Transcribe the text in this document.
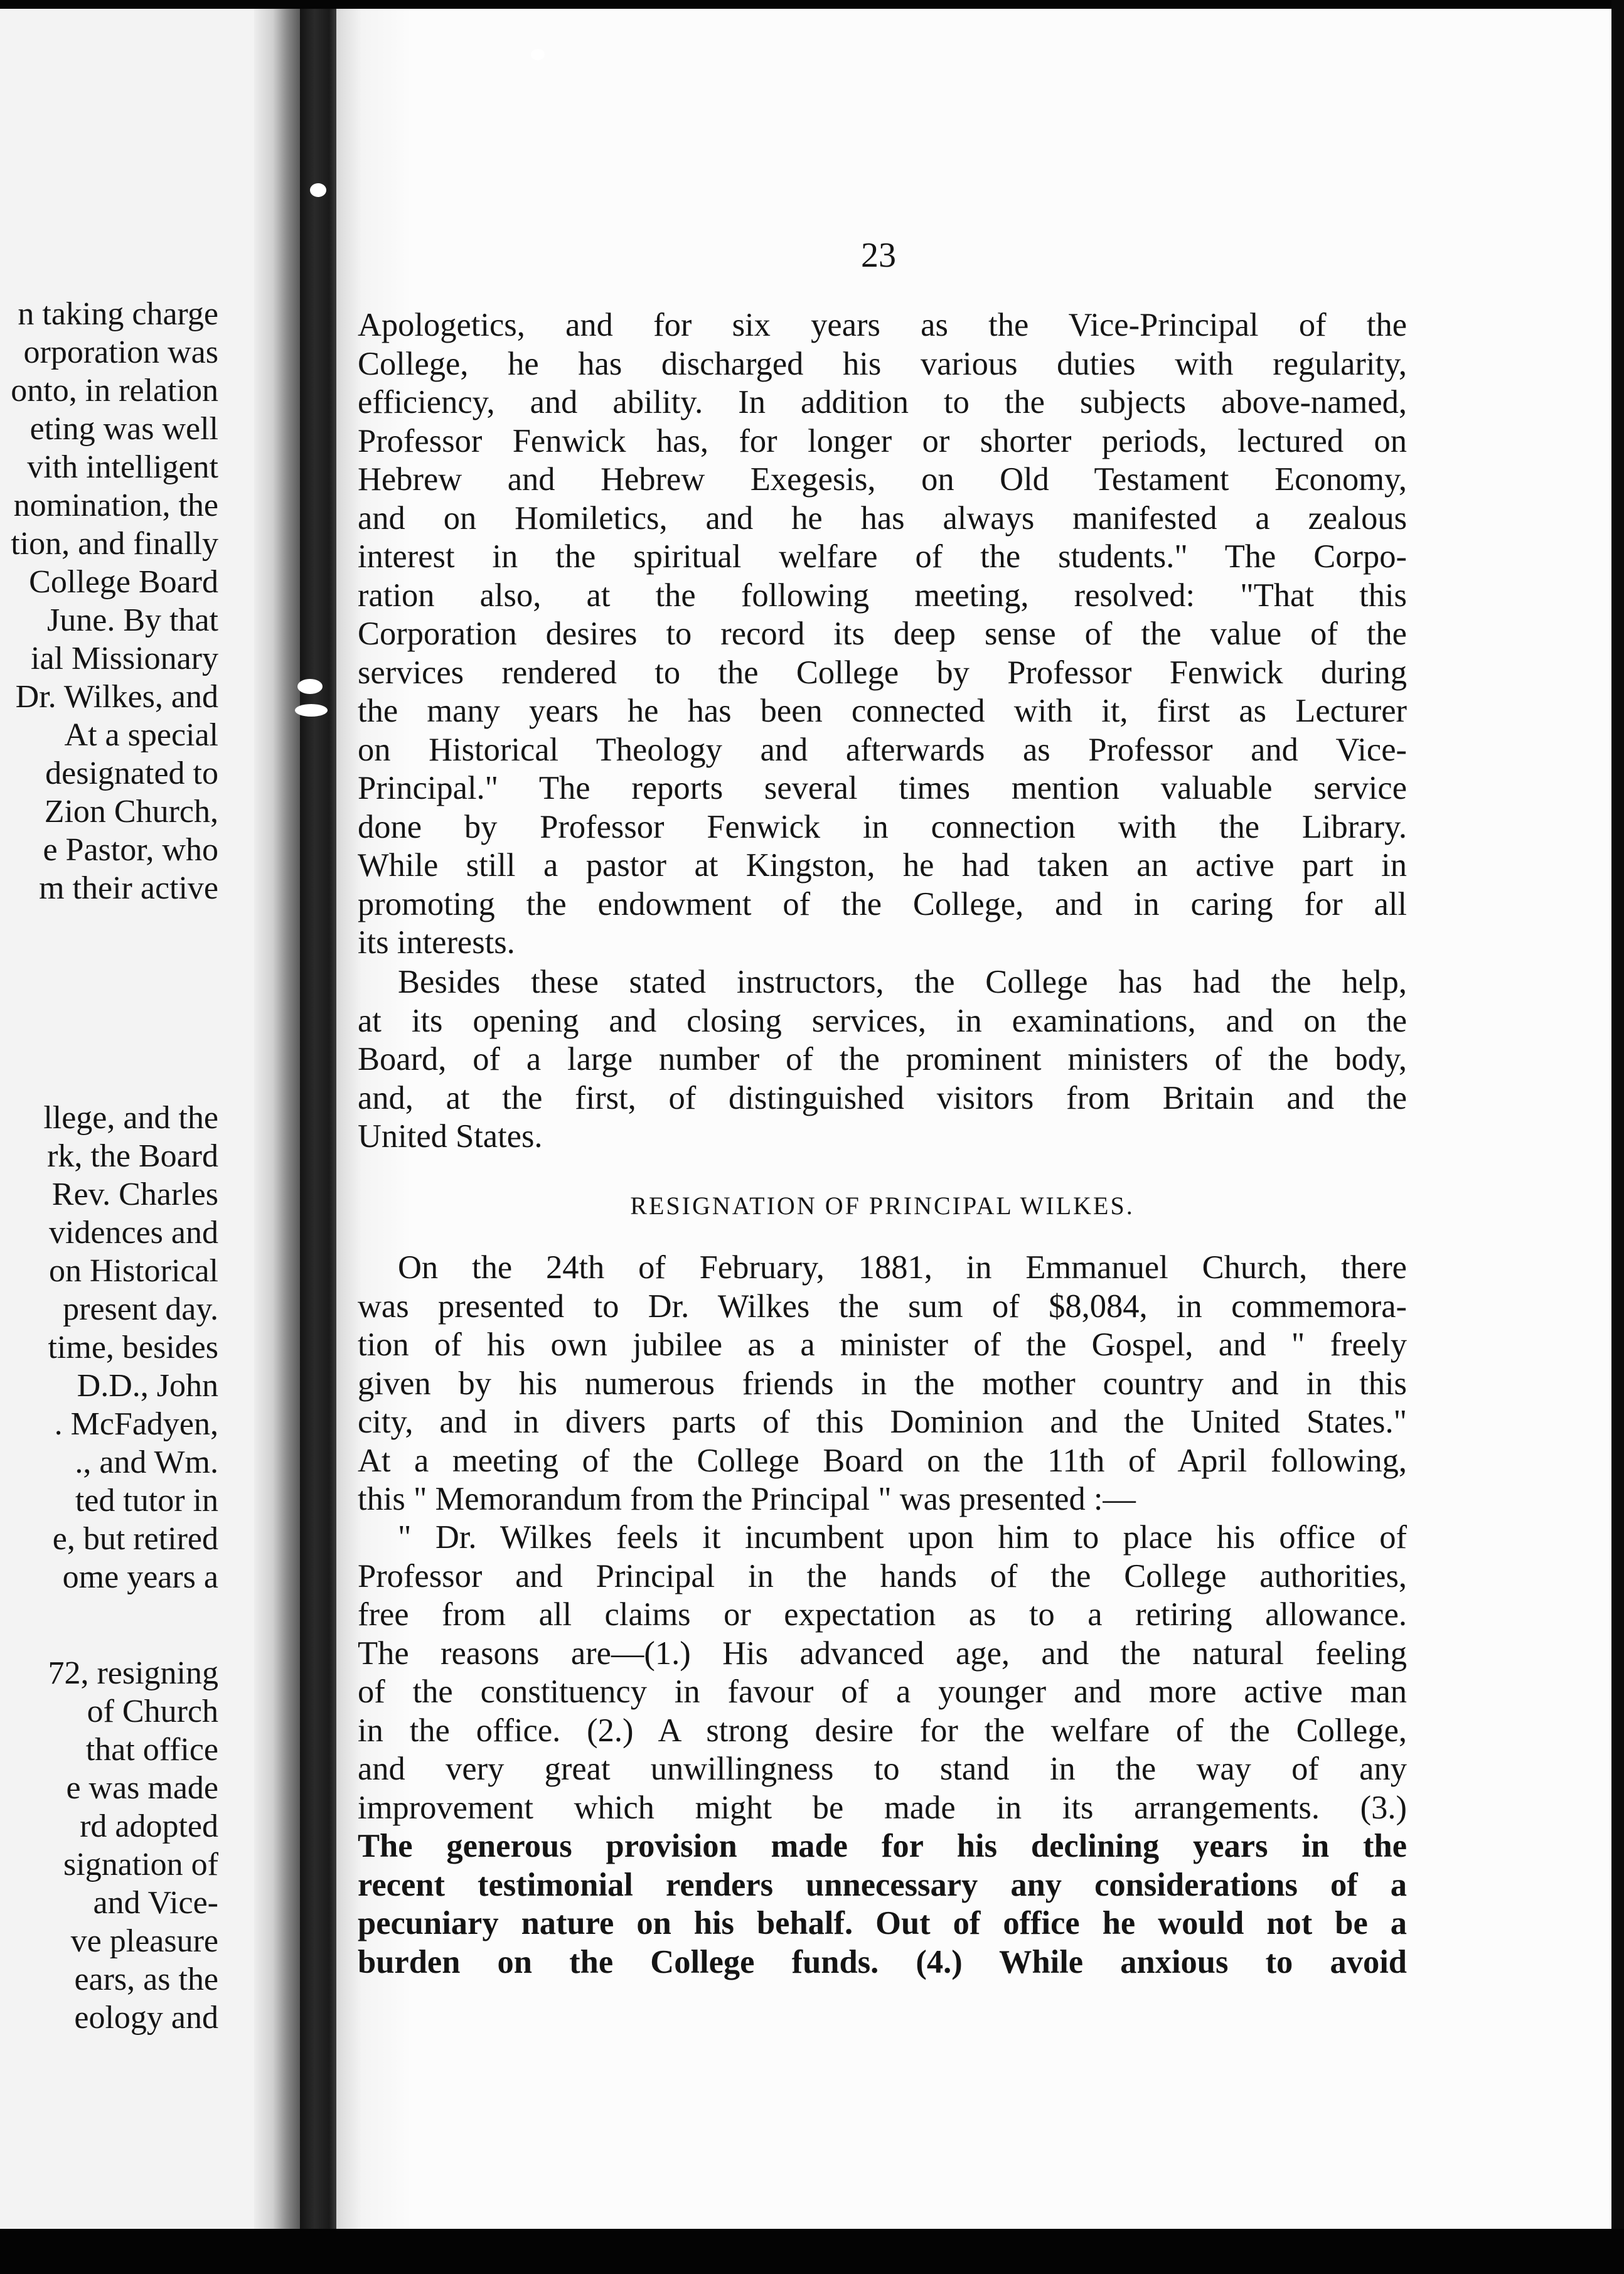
n taking charge
orporation was
onto, in relation
eting was well
vith intelligent
nomination, the
tion, and finally
College Board
June. By that
ial Missionary
Dr. Wilkes, and
At a special
designated to
Zion Church,
e Pastor, who
m their active
llege, and the
rk, the Board
Rev. Charles
vidences and
on Historical
present day.
time, besides
D.D., John
. McFadyen,
., and Wm.
ted tutor in
e, but retired
ome years a
72, resigning
of Church
that office
e was made
rd adopted
signation of
and Vice-
ve pleasure
ears, as the
eology and
23
Apologetics, and for six years as the Vice-Principal of the
College, he has discharged his various duties with regularity,
efficiency, and ability. In addition to the subjects above-named,
Professor Fenwick has, for longer or shorter periods, lectured on
Hebrew and Hebrew Exegesis, on Old Testament Economy,
and on Homiletics, and he has always manifested a zealous
interest in the spiritual welfare of the students." The Corpo-
ration also, at the following meeting, resolved: "That this
Corporation desires to record its deep sense of the value of the
services rendered to the College by Professor Fenwick during
the many years he has been connected with it, first as Lecturer
on Historical Theology and afterwards as Professor and Vice-
Principal." The reports several times mention valuable service
done by Professor Fenwick in connection with the Library.
While still a pastor at Kingston, he had taken an active part in
promoting the endowment of the College, and in caring for all
its interests.
Besides these stated instructors, the College has had the help,
at its opening and closing services, in examinations, and on the
Board, of a large number of the prominent ministers of the body,
and, at the first, of distinguished visitors from Britain and the
United States.
RESIGNATION OF PRINCIPAL WILKES.
On the 24th of February, 1881, in Emmanuel Church, there
was presented to Dr. Wilkes the sum of $8,084, in commemora-
tion of his own jubilee as a minister of the Gospel, and " freely
given by his numerous friends in the mother country and in this
city, and in divers parts of this Dominion and the United States."
At a meeting of the College Board on the 11th of April following,
this " Memorandum from the Principal " was presented :—
" Dr. Wilkes feels it incumbent upon him to place his office of
Professor and Principal in the hands of the College authorities,
free from all claims or expectation as to a retiring allowance.
The reasons are—(1.) His advanced age, and the natural feeling
of the constituency in favour of a younger and more active man
in the office. (2.) A strong desire for the welfare of the College,
and very great unwillingness to stand in the way of any
improvement which might be made in its arrangements. (3.)
The generous provision made for his declining years in the
recent testimonial renders unnecessary any considerations of a
pecuniary nature on his behalf. Out of office he would not be a
burden on the College funds. (4.) While anxious to avoid
